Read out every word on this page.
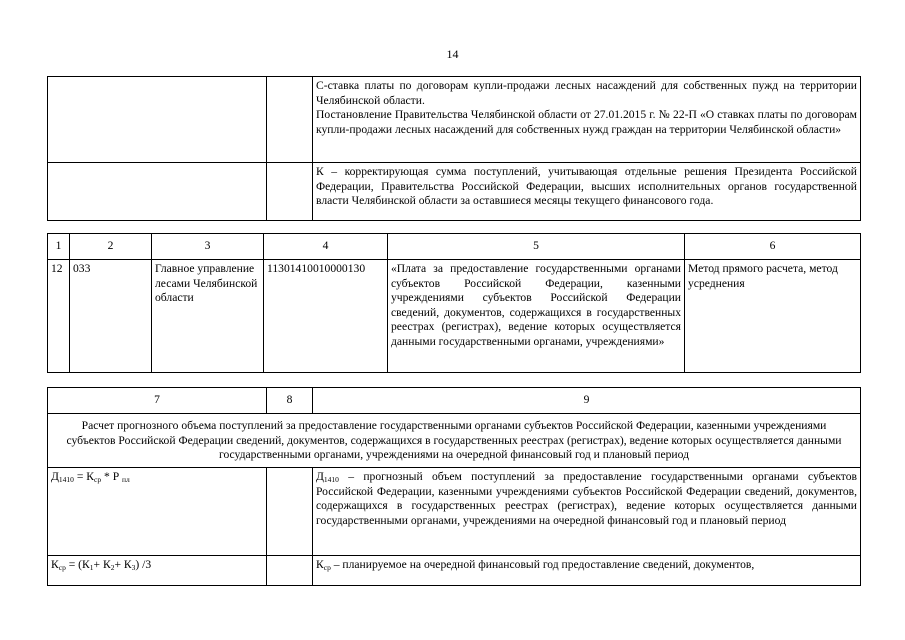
14

		С-ставка платы по договорам купли-продажи лесных насаждений для собственных пужд на территории Челябинской области.
Постановление Правительства Челябинской области от 27.01.2015 г. № 22-П «О ставках платы по договорам купли-продажи лесных насаждений для собственных нужд граждан на территории Челябинской области»

		К – корректирующая сумма поступлений, учитывающая отдельные решения Президента Российской Федерации, Правительства Российской Федерации, высших исполнительных органов государственной власти Челябинской области за оставшиеся месяцы текущего финансового года.
1	2	3	4	5	6
12	033	Главное управление лесами Челябинской области	11301410010000130	«Плата за предоставление государственными органами субъектов Российской Федерации, казенными учреждениями субъектов Российской Федерации сведений, документов, содержащихся в государственных реестрах (регистрах), ведение которых осуществляется данными государственными органами, учреждениями»	Метод прямого расчета, метод усреднения
7	8	9
Расчет прогнозного объема поступлений за предоставление государственными органами субъектов Российской Федерации, казенными учреждениями субъектов Российской Федерации сведений, документов, содержащихся в государственных реестрах (регистрах), ведение которых осуществляется данными государственными органами, учреждениями на очередной финансовый год и плановый период		
$Д_{1410} = К_{ср} * Р$ $_{пл}$		$Д_{1410}$ – прогнозный объем поступлений за предоставление государственными органами субъектов Российской Федерации, казенными учреждениями субъектов Российской Федерации сведений, документов, содержащихся в государственных реестрах (регистрах), ведение которых осуществляется данными государственными органами, учреждениями на очередной финансовый год и плановый период
$К_{ср} = (К_1+ К_2+ К_3)$ /3		$К_{ср}$ – планируемое на очередной финансовый год предоставление сведений, документов,
